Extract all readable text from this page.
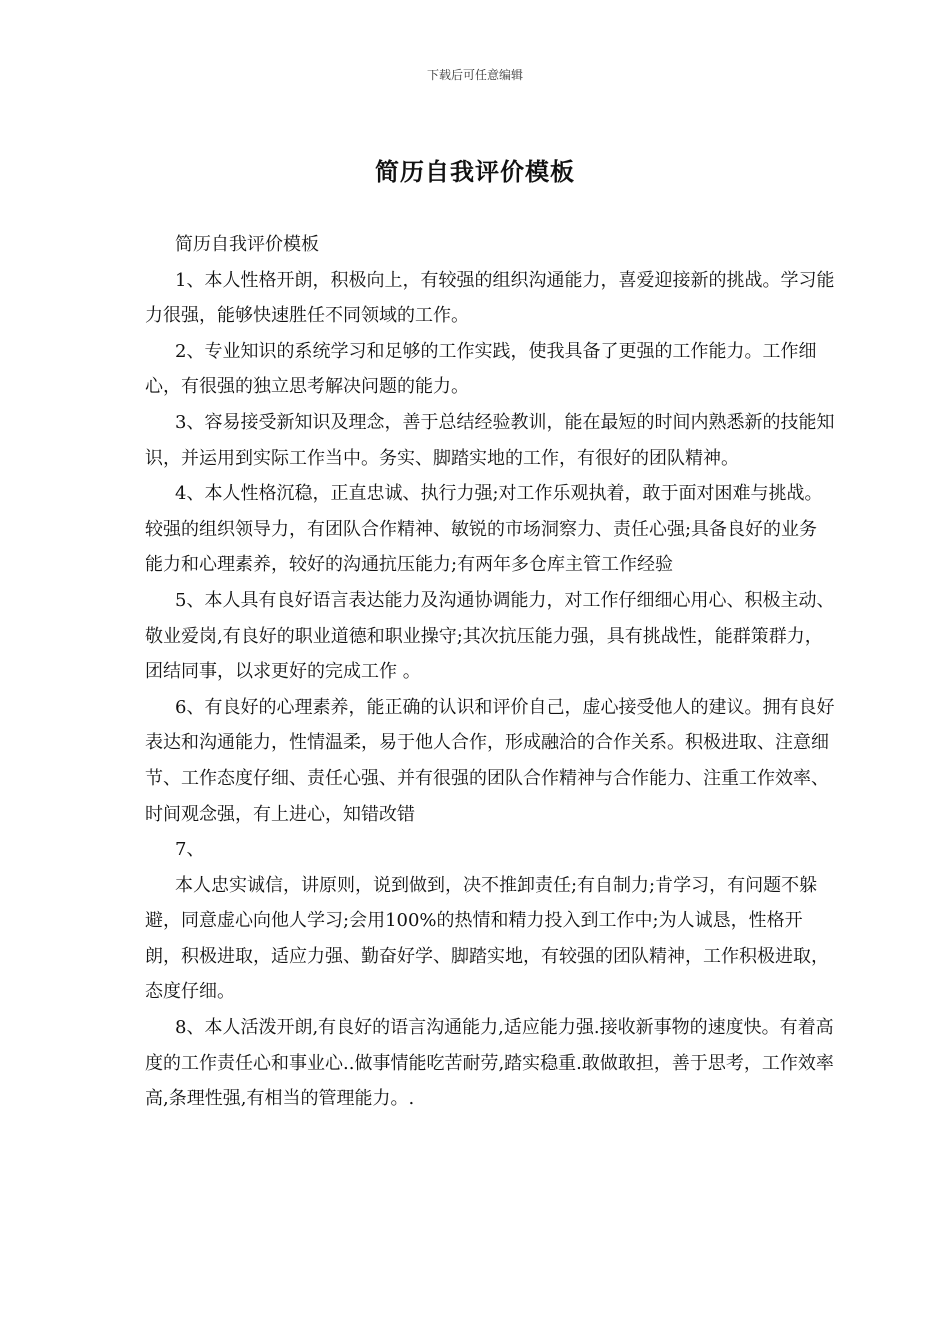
下载后可任意编辑
简历自我评价模板

简历自我评价模板

1、本人性格开朗，积极向上，有较强的组织沟通能力，喜爱迎接新的挑战。学习能力很强，能够快速胜任不同领域的工作。

2、专业知识的系统学习和足够的工作实践，使我具备了更强的工作能力。工作细心，有很强的独立思考解决问题的能力。

3、容易接受新知识及理念，善于总结经验教训，能在最短的时间内熟悉新的技能知识，并运用到实际工作当中。务实、脚踏实地的工作，有很好的团队精神。

4、本人性格沉稳，正直忠诚、执行力强;对工作乐观执着，敢于面对困难与挑战。较强的组织领导力，有团队合作精神、敏锐的市场洞察力、责任心强;具备良好的业务能力和心理素养，较好的沟通抗压能力;有两年多仓库主管工作经验

5、本人具有良好语言表达能力及沟通协调能力，对工作仔细细心用心、积极主动、敬业爱岗,有良好的职业道德和职业操守;其次抗压能力强，具有挑战性，能群策群力，团结同事，以求更好的完成工作 。

6、有良好的心理素养，能正确的认识和评价自己，虚心接受他人的建议。拥有良好表达和沟通能力，性情温柔，易于他人合作，形成融洽的合作关系。积极进取、注意细节、工作态度仔细、责任心强、并有很强的团队合作精神与合作能力、注重工作效率、时间观念强，有上进心，知错改错

7、

本人忠实诚信，讲原则，说到做到，决不推卸责任;有自制力;肯学习，有问题不躲避，同意虚心向他人学习;会用100%的热情和精力投入到工作中;为人诚恳，性格开朗，积极进取，适应力强、勤奋好学、脚踏实地，有较强的团队精神，工作积极进取，态度仔细。

8、本人活泼开朗,有良好的语言沟通能力,适应能力强.接收新事物的速度快。有着高度的工作责任心和事业心..做事情能吃苦耐劳,踏实稳重.敢做敢担，善于思考，工作效率高,条理性强,有相当的管理能力。.
